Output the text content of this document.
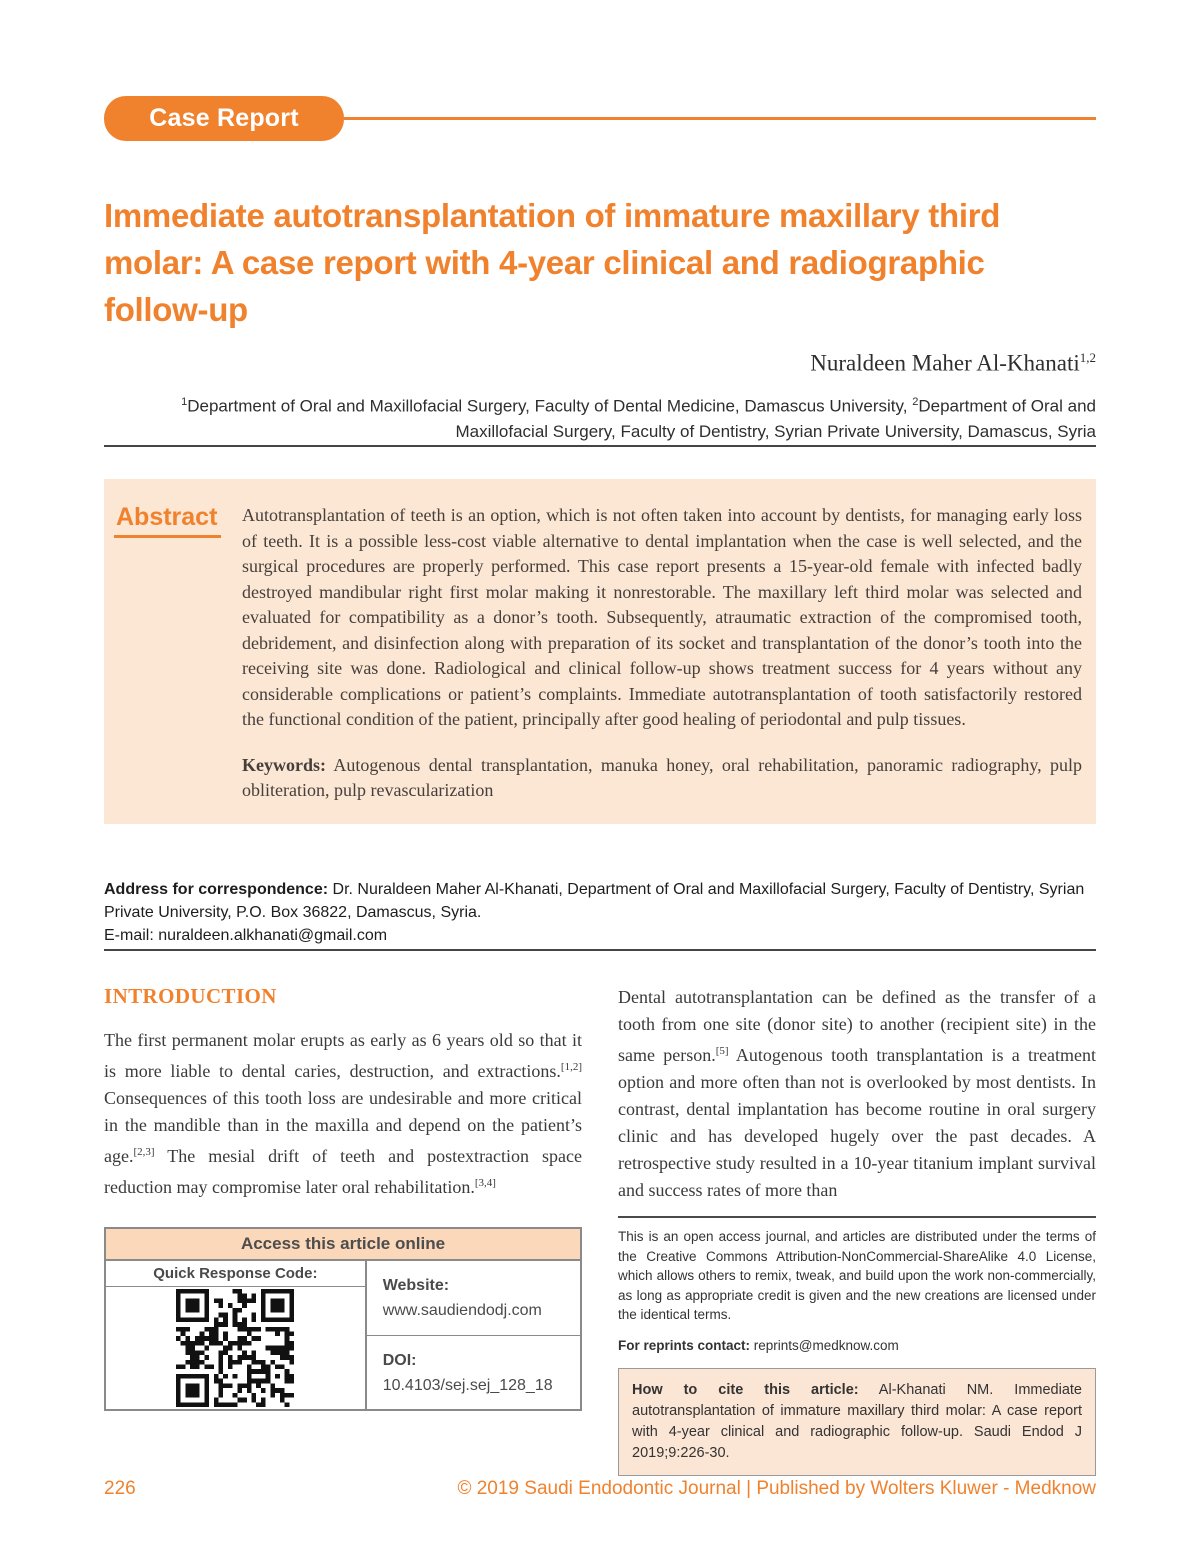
Case Report
Immediate autotransplantation of immature maxillary third
molar: A case report with 4-year clinical and radiographic
follow-up
Nuraldeen Maher Al-Khanati$^{1,2}$
$^1$Department of Oral and Maxillofacial Surgery, Faculty of Dental Medicine, Damascus University, $^2$Department of Oral and Maxillofacial Surgery, Faculty of Dentistry, Syrian Private University, Damascus, Syria
Abstract	Autotransplantation of teeth is an option, which is not often taken into account by dentists, for managing early loss of teeth. It is a possible less-cost viable alternative to dental implantation when the case is well selected, and the surgical procedures are properly performed. This case report presents a 15-year-old female with infected badly destroyed mandibular right first molar making it nonrestorable. The maxillary left third molar was selected and evaluated for compatibility as a donor’s tooth. Subsequently, atraumatic extraction of the compromised tooth, debridement, and disinfection along with preparation of its socket and transplantation of the donor’s tooth into the receiving site was done. Radiological and clinical follow-up shows treatment success for 4 years without any considerable complications or patient’s complaints. Immediate autotransplantation of tooth satisfactorily restored the functional condition of the patient, principally after good healing of periodontal and pulp tissues.

Keywords: Autogenous dental transplantation, manuka honey, oral rehabilitation, panoramic radiography, pulp obliteration, pulp revascularization

Address for correspondence: Dr. Nuraldeen Maher Al-Khanati, Department of Oral and Maxillofacial Surgery, Faculty of Dentistry, Syrian Private University, P.O. Box 36822, Damascus, Syria.
E-mail: nuraldeen.alkhanati@gmail.com
INTRODUCTION

The first permanent molar erupts as early as 6 years old so that it is more liable to dental caries, destruction, and extractions.[1,2] Consequences of this tooth loss are undesirable and more critical in the mandible than in the maxilla and depend on the patient’s age.[2,3] The mesial drift of teeth and postextraction space reduction may compromise later oral rehabilitation.[3,4]

Access this article online
Quick Response Code:
Website:
www.saudiendodj.com
DOI:
10.4103/sej.sej_128_18

Dental autotransplantation can be defined as the transfer of a tooth from one site (donor site) to another (recipient site) in the same person.[5] Autogenous tooth transplantation is a treatment option and more often than not is overlooked by most dentists. In contrast, dental implantation has become routine in oral surgery clinic and has developed hugely over the past decades. A retrospective study resulted in a 10-year titanium implant survival and success rates of more than

This is an open access journal, and articles are distributed under the terms of the Creative Commons Attribution-NonCommercial-ShareAlike 4.0 License, which allows others to remix, tweak, and build upon the work non-commercially, as long as appropriate credit is given and the new creations are licensed under the identical terms.

For reprints contact: reprints@medknow.com

How to cite this article: Al-Khanati NM. Immediate autotransplantation of immature maxillary third molar: A case report with 4-year clinical and radiographic follow-up. Saudi Endod J 2019;9:226-30.
226	© 2019 Saudi Endodontic Journal | Published by Wolters Kluwer - Medknow
